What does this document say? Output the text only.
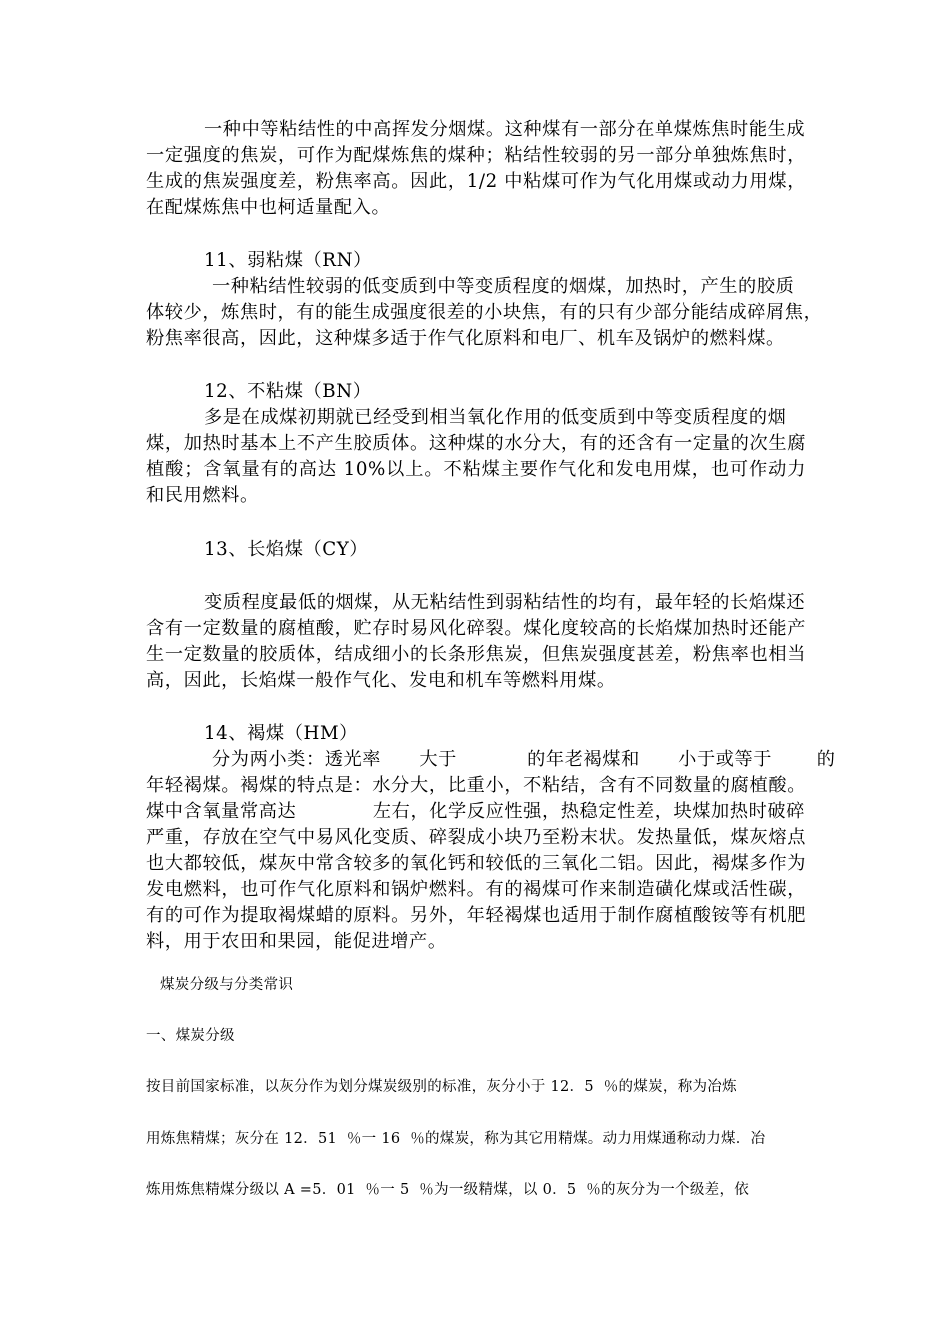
一种中等粘结性的中高挥发分烟煤。这种煤有一部分在单煤炼焦时能生成
一定强度的焦炭，可作为配煤炼焦的煤种；粘结性较弱的另一部分单独炼焦时，
生成的焦炭强度差，粉焦率高。因此，1/2 中粘煤可作为气化用煤或动力用煤，
在配煤炼焦中也柯适量配入。
11、弱粘煤（RN）
一种粘结性较弱的低变质到中等变质程度的烟煤，加热时，产生的胶质
体较少，炼焦时，有的能生成强度很差的小块焦，有的只有少部分能结成碎屑焦，
粉焦率很高，因此，这种煤多适于作气化原料和电厂、机车及锅炉的燃料煤。
12、不粘煤（BN）
多是在成煤初期就已经受到相当氧化作用的低变质到中等变质程度的烟
煤，加热时基本上不产生胶质体。这种煤的水分大，有的还含有一定量的次生腐
植酸；含氧量有的高达 10%以上。不粘煤主要作气化和发电用煤，也可作动力
和民用燃料。
13、长焰煤（CY）
变质程度最低的烟煤，从无粘结性到弱粘结性的均有，最年轻的长焰煤还
含有一定数量的腐植酸，贮存时易风化碎裂。煤化度较高的长焰煤加热时还能产
生一定数量的胶质体，结成细小的长条形焦炭，但焦炭强度甚差，粉焦率也相当
高，因此，长焰煤一般作气化、发电和机车等燃料用煤。
14、褐煤（HM）
分为两小类：透光率      大于           的年老褐煤和      小于或等于       的
年轻褐煤。褐煤的特点是：水分大，比重小，不粘结，含有不同数量的腐植酸。
煤中含氧量常高达            左右，化学反应性强，热稳定性差，块煤加热时破碎
严重，存放在空气中易风化变质、碎裂成小块乃至粉末状。发热量低，煤灰熔点
也大都较低，煤灰中常含较多的氧化钙和较低的三氧化二铝。因此，褐煤多作为
发电燃料，也可作气化原料和锅炉燃料。有的褐煤可作来制造磺化煤或活性碳，
有的可作为提取褐煤蜡的原料。另外，年轻褐煤也适用于制作腐植酸铵等有机肥
料，用于农田和果园，能促进增产。
煤炭分级与分类常识
一、煤炭分级
按目前国家标准，以灰分作为划分煤炭级别的标准，灰分小于 12．5  ％的煤炭，称为冶炼
用炼焦精煤；灰分在 12．51  ％一 16  ％的煤炭，称为其它用精煤。动力用煤通称动力煤．冶
炼用炼焦精煤分级以 A =5．01  ％一 5  ％为一级精煤，以 0．5  ％的灰分为一个级差，依
